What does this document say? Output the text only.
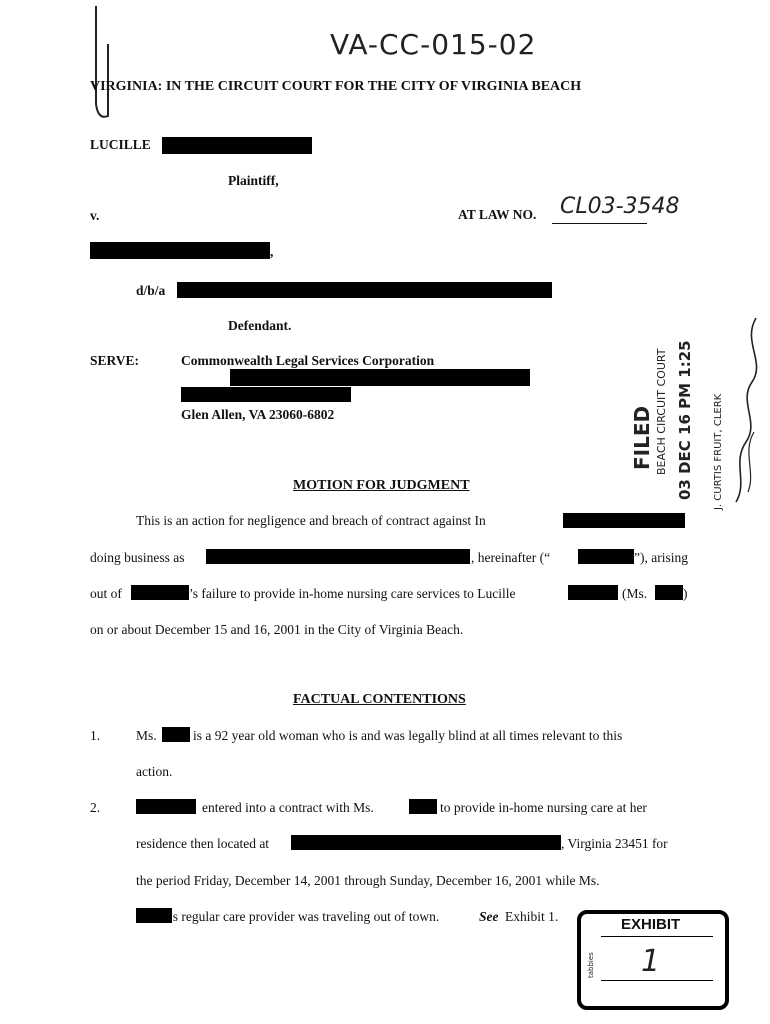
VA-CC-015-02
VIRGINIA: IN THE CIRCUIT COURT FOR THE CITY OF VIRGINIA BEACH
LUCILLE
Plaintiff,
v.	AT LAW NO. CL03-3548
,
d/b/a
Defendant.
SERVE:	Commonwealth Legal Services Corporation
Glen Allen, VA 23060-6802	FILED BEACH CIRCUIT COURT 03 DEC 16 PM 1:25 J. CURTIS FRUIT, CLERK
MOTION FOR JUDGMENT
This is an action for negligence and breach of contract against In
doing business as	, hereinafter (“	”), arising
out of	’s failure to provide in-home nursing care services to Lucille	(Ms.	)
on or about December 15 and 16, 2001 in the City of Virginia Beach.
FACTUAL CONTENTIONS
1.	Ms.	is a 92 year old woman who is and was legally blind at all times relevant to this
action.
2.	entered into a contract with Ms.	to provide in-home nursing care at her
residence then located at	, Virginia 23451 for
the period Friday, December 14, 2001 through Sunday, December 16, 2001 while Ms.
’s regular care provider was traveling out of town.	See Exhibit 1.	EXHIBIT
1
tabbies
